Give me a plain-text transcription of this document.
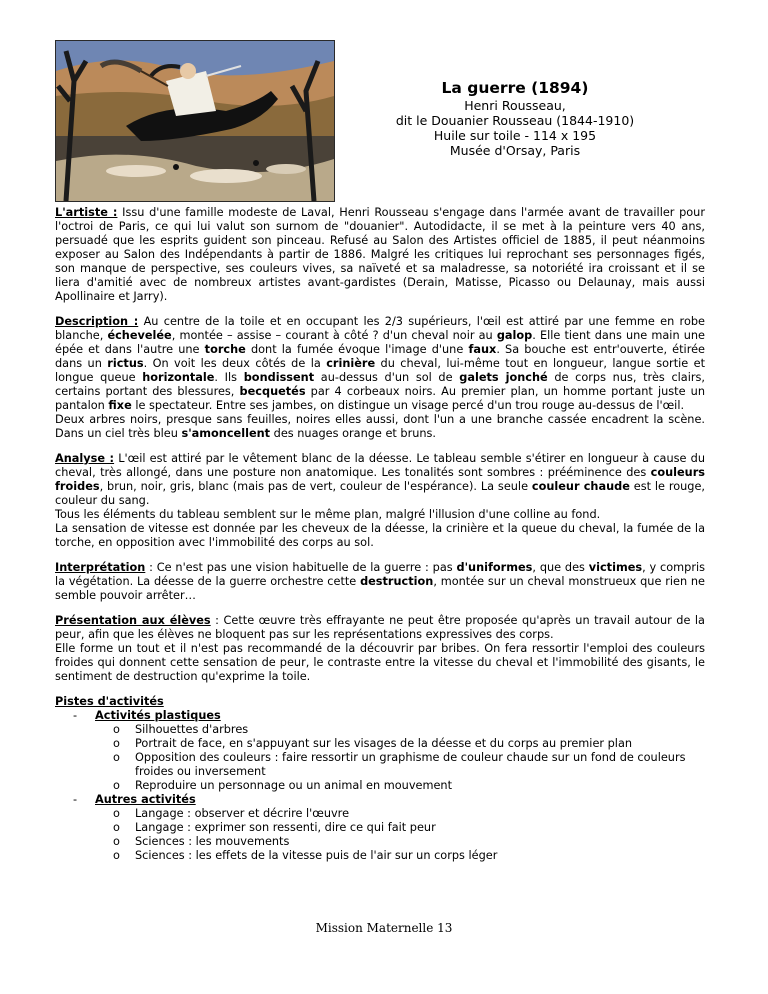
La guerre (1894)
Henri Rousseau,
dit le Douanier Rousseau (1844-1910)
Huile sur toile - 114 x 195
Musée d'Orsay, Paris

L'artiste : Issu d'une famille modeste de Laval, Henri Rousseau s'engage dans l'armée avant de travailler pour l'octroi de Paris, ce qui lui valut son surnom de "douanier". Autodidacte, il se met à la peinture vers 40 ans, persuadé que les esprits guident son pinceau. Refusé au Salon des Artistes officiel de 1885, il peut néanmoins exposer au Salon des Indépendants à partir de 1886. Malgré les critiques lui reprochant ses personnages figés, son manque de perspective, ses couleurs vives, sa naïveté et sa maladresse, sa notoriété ira croissant et il se liera d'amitié avec de nombreux artistes avant-gardistes (Derain, Matisse, Picasso ou Delaunay, mais aussi Apollinaire et Jarry).

Description : Au centre de la toile et en occupant les 2/3 supérieurs, l'œil est attiré par une femme en robe blanche, échevelée, montée – assise – courant à côté ? d'un cheval noir au galop. Elle tient dans une main une épée et dans l'autre une torche dont la fumée évoque l'image d'une faux. Sa bouche est entr'ouverte, étirée dans un rictus. On voit les deux côtés de la crinière du cheval, lui-même tout en longueur, langue sortie et longue queue horizontale. Ils bondissent au-dessus d'un sol de galets jonché de corps nus, très clairs, certains portant des blessures, becquetés par 4 corbeaux noirs. Au premier plan, un homme portant juste un pantalon fixe le spectateur. Entre ses jambes, on distingue un visage percé d'un trou rouge au-dessus de l'œil.
Deux arbres noirs, presque sans feuilles, noires elles aussi, dont l'un a une branche cassée encadrent la scène. Dans un ciel très bleu s'amoncellent des nuages orange et bruns.

Analyse : L'œil est attiré par le vêtement blanc de la déesse. Le tableau semble s'étirer en longueur à cause du cheval, très allongé, dans une posture non anatomique. Les tonalités sont sombres : prééminence des couleurs froides, brun, noir, gris, blanc (mais pas de vert, couleur de l'espérance). La seule couleur chaude est le rouge, couleur du sang.
Tous les éléments du tableau semblent sur le même plan, malgré l'illusion d'une colline au fond.
La sensation de vitesse est donnée par les cheveux de la déesse, la crinière et la queue du cheval, la fumée de la torche, en opposition avec l'immobilité des corps au sol.

Interprétation : Ce n'est pas une vision habituelle de la guerre : pas d'uniformes, que des victimes, y compris la végétation. La déesse de la guerre orchestre cette destruction, montée sur un cheval monstrueux que rien ne semble pouvoir arrêter…

Présentation aux élèves : Cette œuvre très effrayante ne peut être proposée qu'après un travail autour de la peur, afin que les élèves ne bloquent pas sur les représentations expressives des corps.
Elle forme un tout et il n'est pas recommandé de la découvrir par bribes. On fera ressortir l'emploi des couleurs froides qui donnent cette sensation de peur, le contraste entre la vitesse du cheval et l'immobilité des gisants, le sentiment de destruction qu'exprime la toile.

Pistes d'activités
-	Activités plastiques
o	Silhouettes d'arbres
o	Portrait de face, en s'appuyant sur les visages de la déesse et du corps au premier plan
o	Opposition des couleurs : faire ressortir un graphisme de couleur chaude sur un fond de couleurs froides ou inversement
o	Reproduire un personnage ou un animal en mouvement
-	Autres activités
o	Langage : observer et décrire l'œuvre
o	Langage : exprimer son ressenti, dire ce qui fait peur
o	Sciences : les mouvements
o	Sciences : les effets de la vitesse puis de l'air sur un corps léger
Mission Maternelle 13
